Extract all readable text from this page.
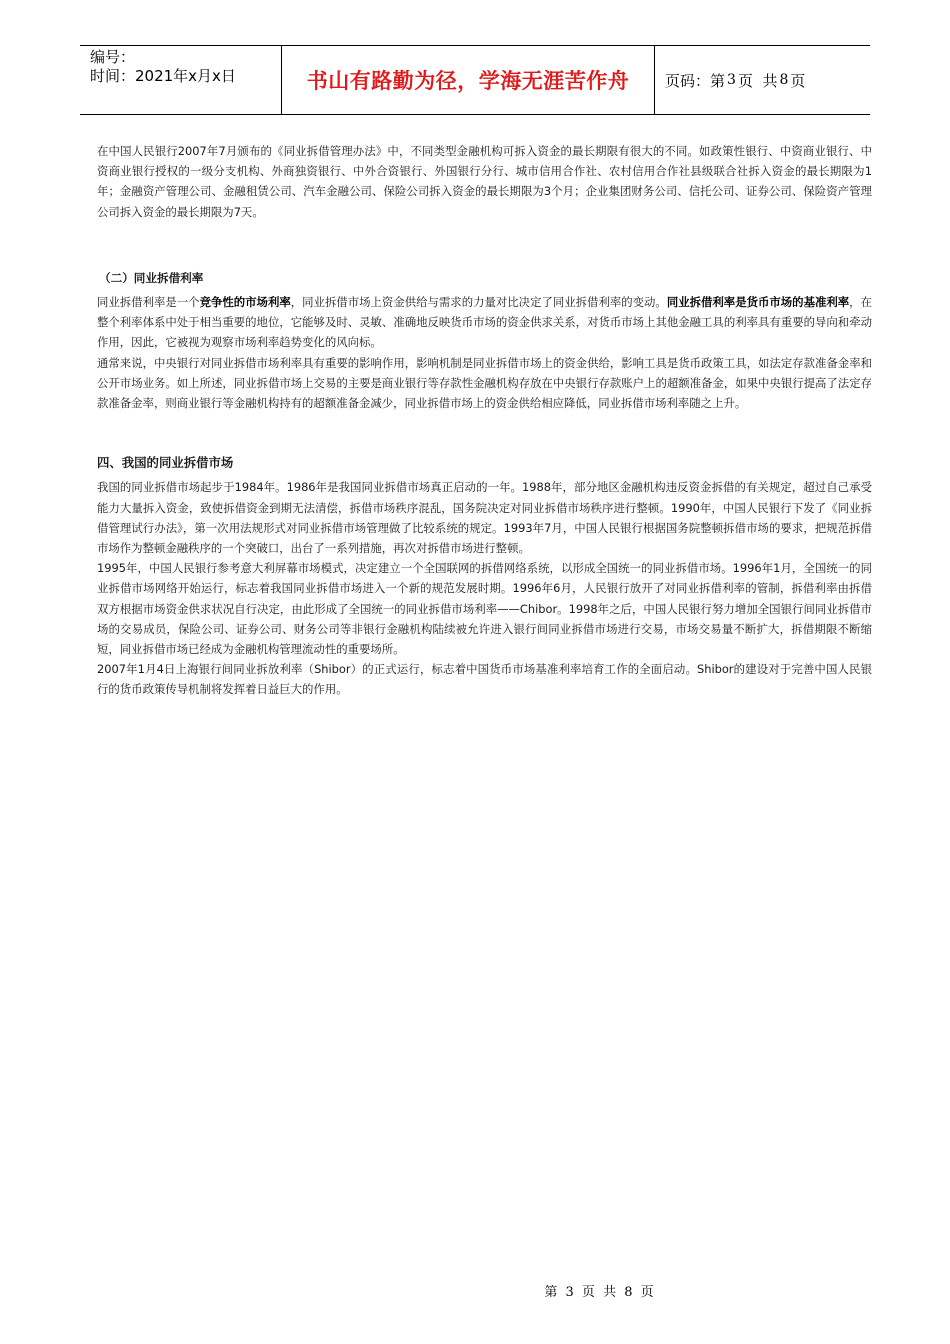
编号：
时间：2021年x月x日	书山有路勤为径，学海无涯苦作舟	页码：第 3 页  共 8 页

在中国人民银行2007年7月颁布的《同业拆借管理办法》中，不同类型金融机构可拆入资金的最长期限有很大的不同。如政策性银行、中资商业银行、中资商业银行授权的一级分支机构、外商独资银行、中外合资银行、外国银行分行、城市信用合作社、农村信用合作社县级联合社拆入资金的最长期限为1年；金融资产管理公司、金融租赁公司、汽车金融公司、保险公司拆入资金的最长期限为3个月；企业集团财务公司、信托公司、证券公司、保险资产管理公司拆入资金的最长期限为7天。

（二）同业拆借利率

同业拆借利率是一个竞争性的市场利率，同业拆借市场上资金供给与需求的力量对比决定了同业拆借利率的变动。同业拆借利率是货币市场的基准利率，在整个利率体系中处于相当重要的地位，它能够及时、灵敏、准确地反映货币市场的资金供求关系，对货币市场上其他金融工具的利率具有重要的导向和牵动作用，因此，它被视为观察市场利率趋势变化的风向标。

通常来说，中央银行对同业拆借市场利率具有重要的影响作用，影响机制是同业拆借市场上的资金供给，影响工具是货币政策工具，如法定存款准备金率和公开市场业务。如上所述，同业拆借市场上交易的主要是商业银行等存款性金融机构存放在中央银行存款账户上的超额准备金，如果中央银行提高了法定存款准备金率，则商业银行等金融机构持有的超额准备金减少，同业拆借市场上的资金供给相应降低，同业拆借市场利率随之上升。

四、我国的同业拆借市场

我国的同业拆借市场起步于1984年。1986年是我国同业拆借市场真正启动的一年。1988年，部分地区金融机构违反资金拆借的有关规定，超过自己承受能力大量拆入资金，致使拆借资金到期无法清偿，拆借市场秩序混乱，国务院决定对同业拆借市场秩序进行整顿。1990年，中国人民银行下发了《同业拆借管理试行办法》，第一次用法规形式对同业拆借市场管理做了比较系统的规定。1993年7月，中国人民银行根据国务院整顿拆借市场的要求，把规范拆借市场作为整顿金融秩序的一个突破口，出台了一系列措施，再次对拆借市场进行整顿。

1995年，中国人民银行参考意大利屏幕市场模式，决定建立一个全国联网的拆借网络系统，以形成全国统一的同业拆借市场。1996年1月，全国统一的同业拆借市场网络开始运行，标志着我国同业拆借市场进入一个新的规范发展时期。1996年6月，人民银行放开了对同业拆借利率的管制，拆借利率由拆借双方根据市场资金供求状况自行决定，由此形成了全国统一的同业拆借市场利率——Chibor。1998年之后，中国人民银行努力增加全国银行间同业拆借市场的交易成员，保险公司、证券公司、财务公司等非银行金融机构陆续被允许进入银行间同业拆借市场进行交易，市场交易量不断扩大，拆借期限不断缩短，同业拆借市场已经成为金融机构管理流动性的重要场所。

2007年1月4日上海银行间同业拆放利率（Shibor）的正式运行，标志着中国货币市场基准利率培育工作的全面启动。Shibor的建设对于完善中国人民银行的货币政策传导机制将发挥着日益巨大的作用。

第 3 页 共 8 页
